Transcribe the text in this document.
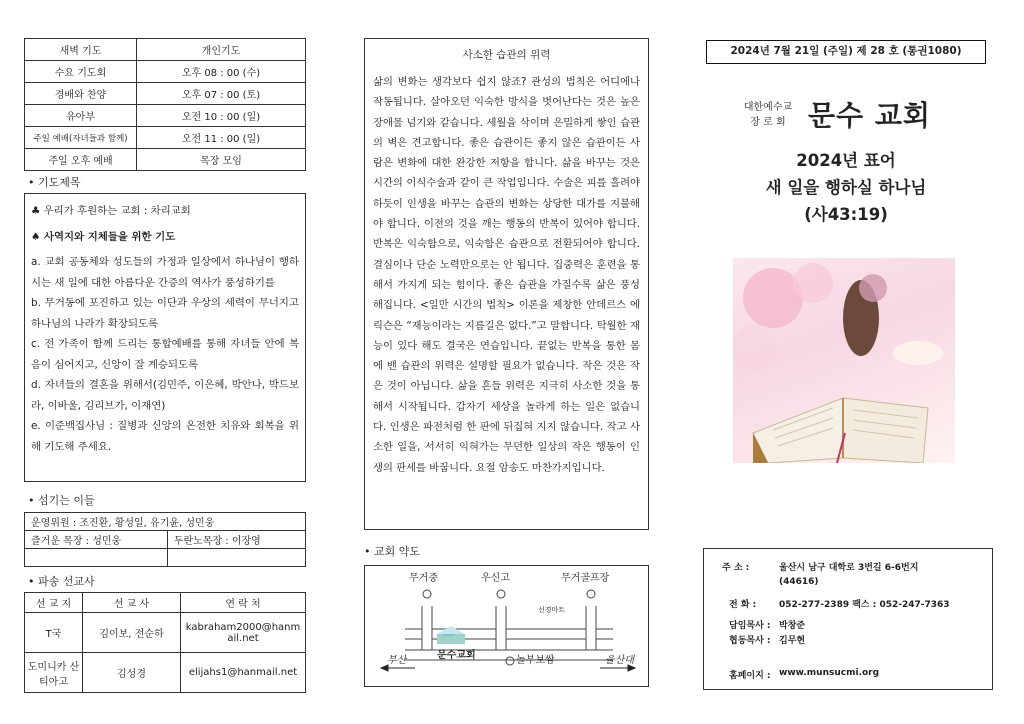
새벽 기도	개인기도
수요 기도회	오후 08 : 00 (수)
경배와 찬양	오후 07 : 00 (토)
유아부	오전 10 : 00 (일)
주일 예배(자녀들과 함께)	오전 11 : 00 (일)
주일 오후 예배	목장 모임
• 기도제목

♣ 우리가 후원하는 교회 : 차리교회

♠ 사역지와 지체들을 위한 기도

a. 교회 공동체와 성도들의 가정과 일상에서 하나님이 행하시는 새 일에 대한 아름다운 간증의 역사가 풍성하기를

b. 무거동에 포진하고 있는 이단과 우상의 세력이 무너지고 하나님의 나라가 확장되도록

c. 전 가족이 함께 드리는 통합예배를 통해 자녀들 안에 복음이 심어지고, 신앙이 잘 계승되도록

d. 자녀들의 결혼을 위해서(김민주, 이은혜, 박안나, 박드보라, 이바울, 김리브가, 이재연)

e. 이준백집사님 : 질병과 신앙의 온전한 치유와 회복을 위해 기도해 주세요.

• 섬기는 이들
운영위원 : 조진환, 황성일, 유기윤, 성민웅	
즐거운 목장 : 성민웅	두란노목장 : 이장영

• 파송 선교사
선 교 지	선 교 사	연 락 처
T국	김이보, 전순하	kabraham2000@hanmail.net
도미니카 산티아고	김성경	elijahs1@hanmail.net
사소한 습관의 위력
삶의 변화는 생각보다 쉽지 않죠? 관성의 법칙은 어디에나 작동됩니다. 살아오던 익숙한 방식을 벗어난다는 것은 높은 장애물 넘기와 같습니다. 세월을 삭이며 은밀하게 쌓인 습관의 벽은 견고합니다. 좋은 습관이든 좋지 않은 습관이든 사람은 변화에 대한 완강한 저항을 합니다. 삶을 바꾸는 것은 시간의 이식수술과 같이 큰 작업입니다. 수술은 피를 흘려야 하듯이 인생을 바꾸는 습관의 변화는 상당한 대가를 지불해야 합니다. 이전의 것을 깨는 행동의 반복이 있어야 합니다. 반복은 익숙함으로, 익숙함은 습관으로 전환되어야 합니다. 결심이나 단순 노력만으로는 안 됩니다. 집중력은 훈련을 통해서 가지게 되는 힘이다. 좋은 습관을 가질수록 삶은 풍성해집니다. <일만 시간의 법칙> 이론을 제창한 안데르스 에릭슨은 “재능이라는 지름길은 없다.”고 말합니다. 탁월한 재능이 있다 해도 결국은 연습입니다. 끝없는 반복을 통한 몸에 밴 습관의 위력은 설명할 필요가 없습니다. 작은 것은 작은 것이 아닙니다. 삶을 흔들 위력은 지극히 사소한 것을 통해서 시작됩니다. 갑자기 세상을 놀라게 하는 일은 없습니다. 인생은 파전처럼 한 판에 뒤집혀 지지 않습니다. 작고 사소한 일을, 서서히 익혀가는 무던한 일상의 작은 행동이 인생의 판세를 바꿉니다. 요절 암송도 마찬가지입니다.
• 교회 약도
무거중	우신고	무거골프장
선경마트
부산	문수교회	놀부보쌈	울산대
2024년 7월 21일 (주일) 제 28 호 (통권1080)
대한예수교
장 로 회 문수 교회
2024년 표어
새 일을 행하실 하나님
(사43:19)
주 소 :	울산시 남구 대학로 3번길 6-6번지
(44616)
전 화 :	052-277-2389 팩스 : 052-247-7363
담임목사 : 박창준
협동목사 : 김무현
홈페이지 : www.munsucmi.org
